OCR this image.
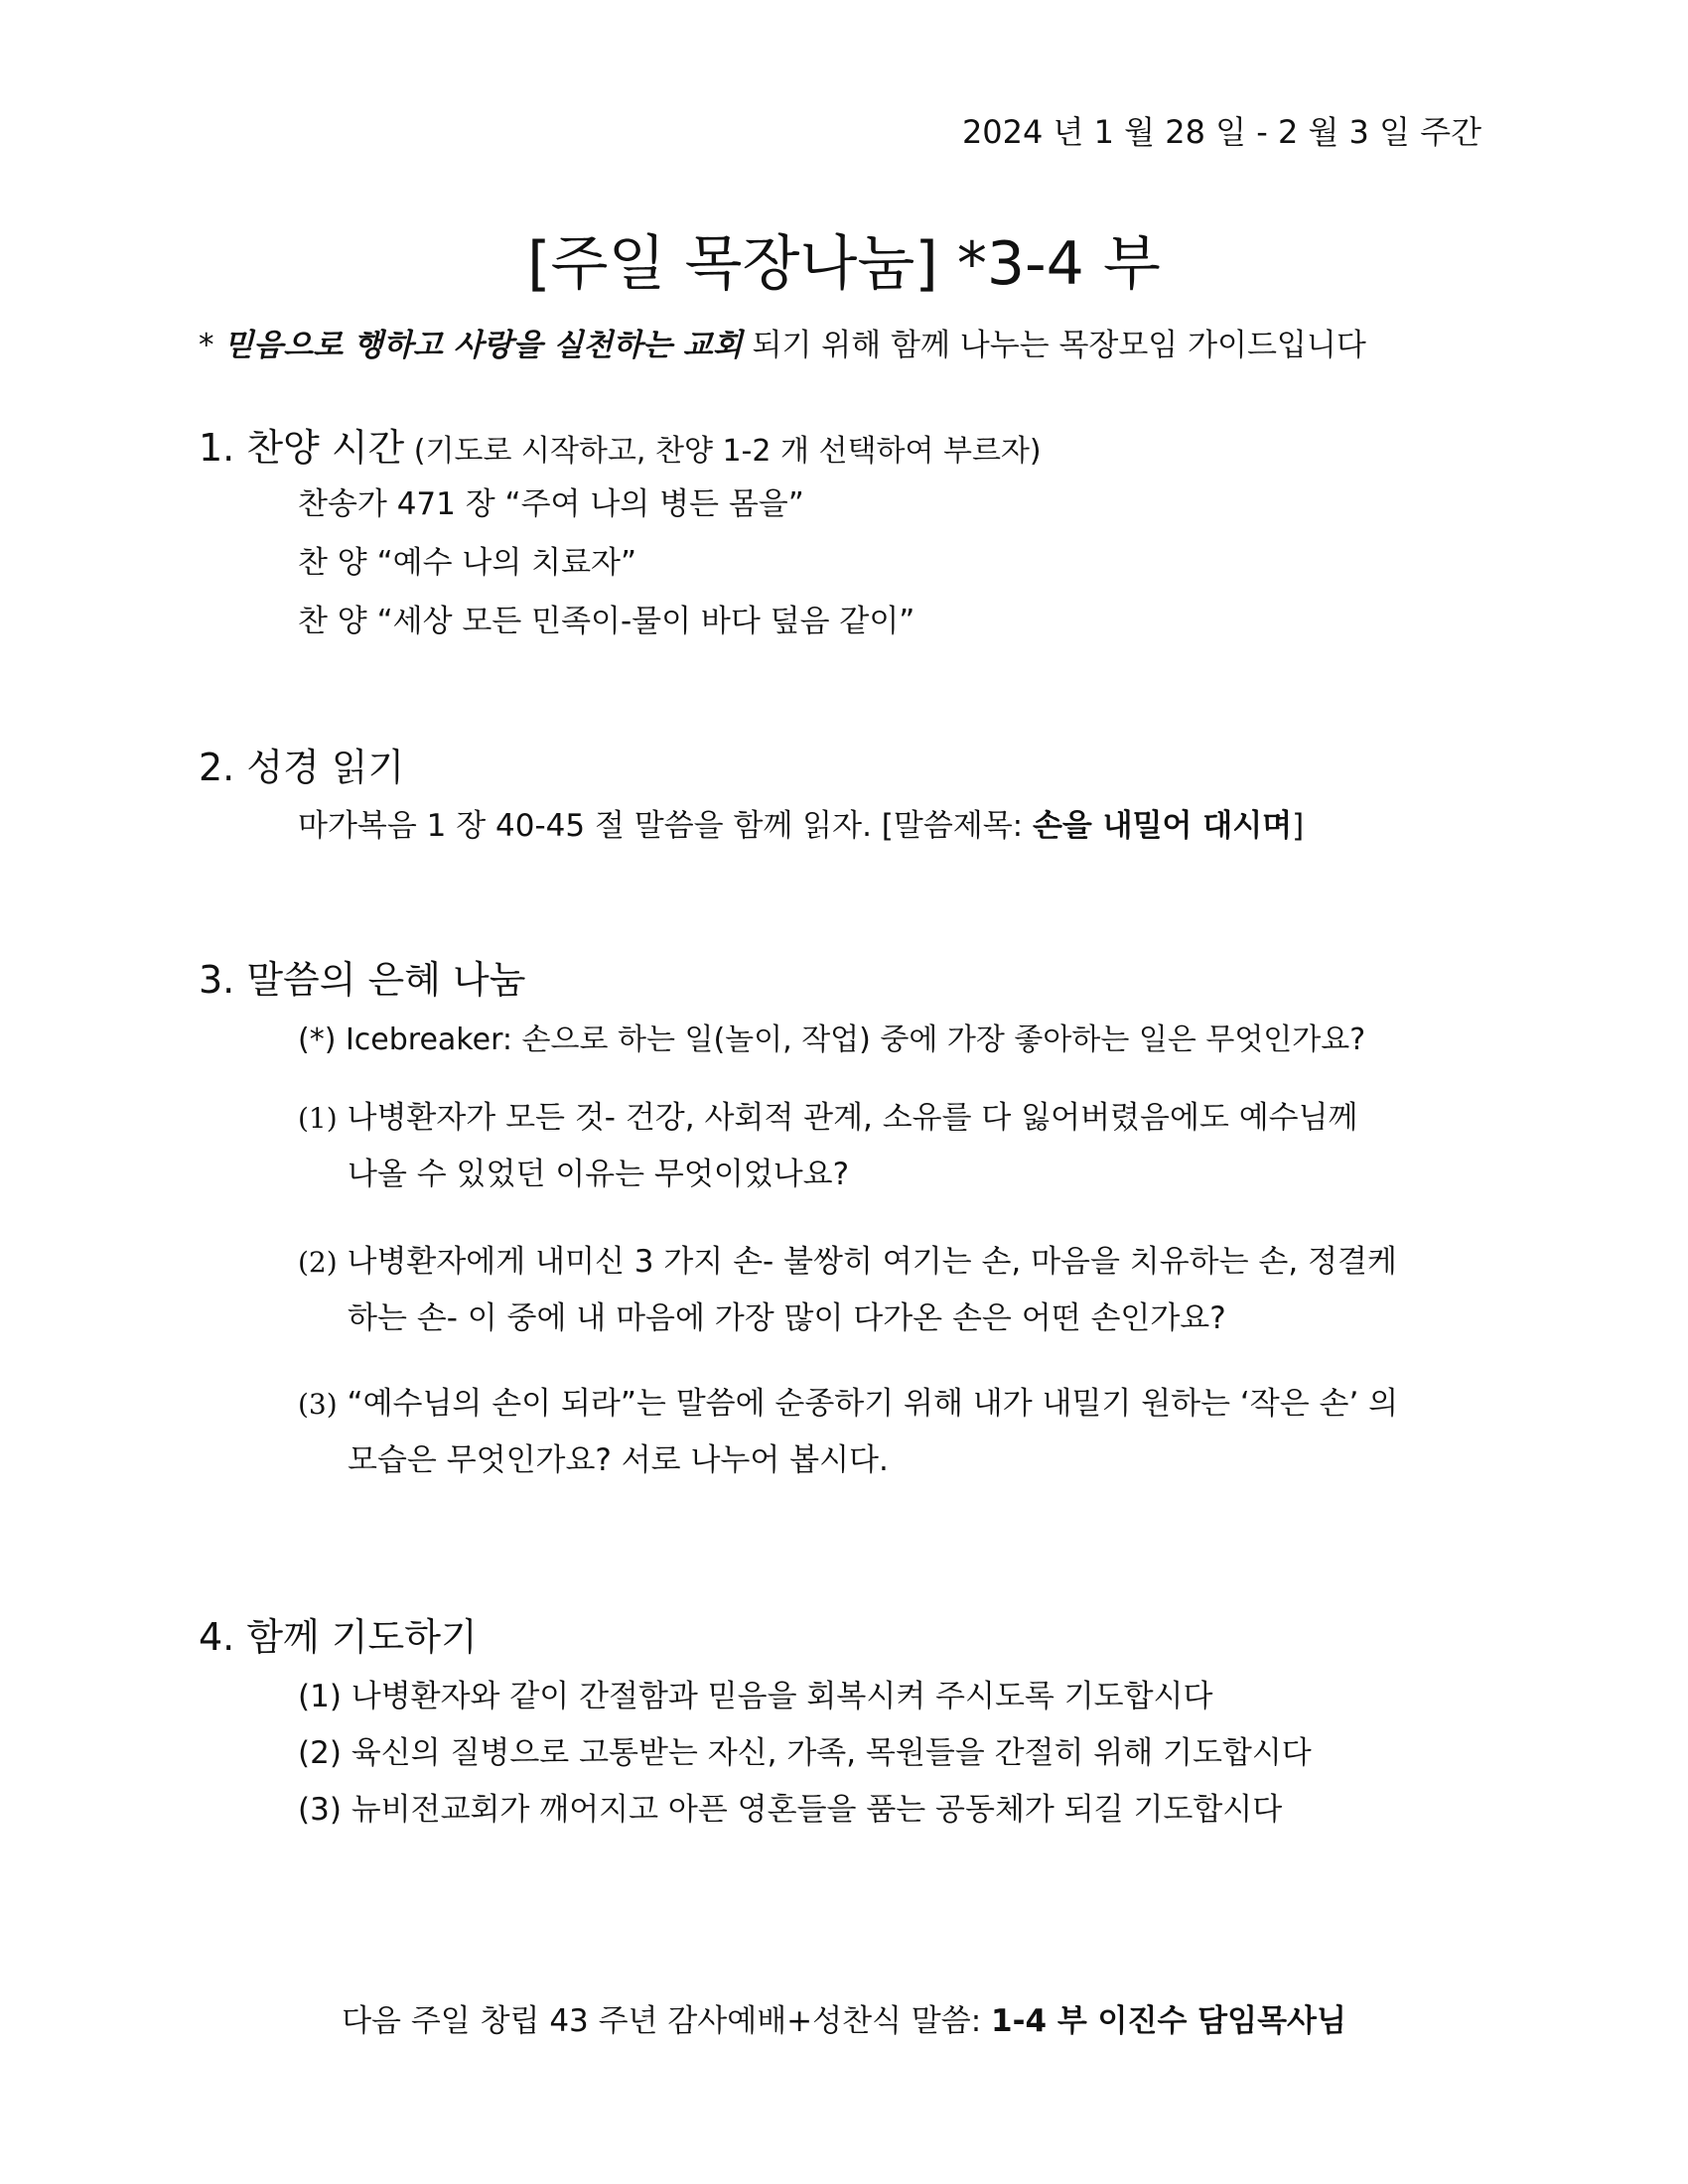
2024 년 1 월 28 일 - 2 월 3 일 주간
[주일 목장나눔] *3-4 부
* 믿음으로 행하고 사랑을 실천하는 교회 되기 위해 함께 나누는 목장모임 가이드입니다
1. 찬양 시간 (기도로 시작하고, 찬양 1-2 개 선택하여 부르자)
찬송가 471 장 “주여 나의 병든 몸을”
찬 양 “예수 나의 치료자”
찬 양 “세상 모든 민족이-물이 바다 덮음 같이”
2. 성경 읽기
마가복음 1 장 40-45 절 말씀을 함께 읽자. [말씀제목: 손을 내밀어 대시며]
3. 말씀의 은혜 나눔
(*) Icebreaker: 손으로 하는 일(놀이, 작업) 중에 가장 좋아하는 일은 무엇인가요?
(1) 나병환자가 모든 것- 건강, 사회적 관계, 소유를 다 잃어버렸음에도 예수님께
나올 수 있었던 이유는 무엇이었나요?
(2) 나병환자에게 내미신 3 가지 손- 불쌍히 여기는 손, 마음을 치유하는 손, 정결케
하는 손- 이 중에 내 마음에 가장 많이 다가온 손은 어떤 손인가요?
(3) “예수님의 손이 되라”는 말씀에 순종하기 위해 내가 내밀기 원하는 ‘작은 손’ 의
모습은 무엇인가요? 서로 나누어 봅시다.
4. 함께 기도하기
(1) 나병환자와 같이 간절함과 믿음을 회복시켜 주시도록 기도합시다
(2) 육신의 질병으로 고통받는 자신, 가족, 목원들을 간절히 위해 기도합시다
(3) 뉴비전교회가 깨어지고 아픈 영혼들을 품는 공동체가 되길 기도합시다
다음 주일 창립 43 주년 감사예배+성찬식 말씀: 1-4 부 이진수 담임목사님
